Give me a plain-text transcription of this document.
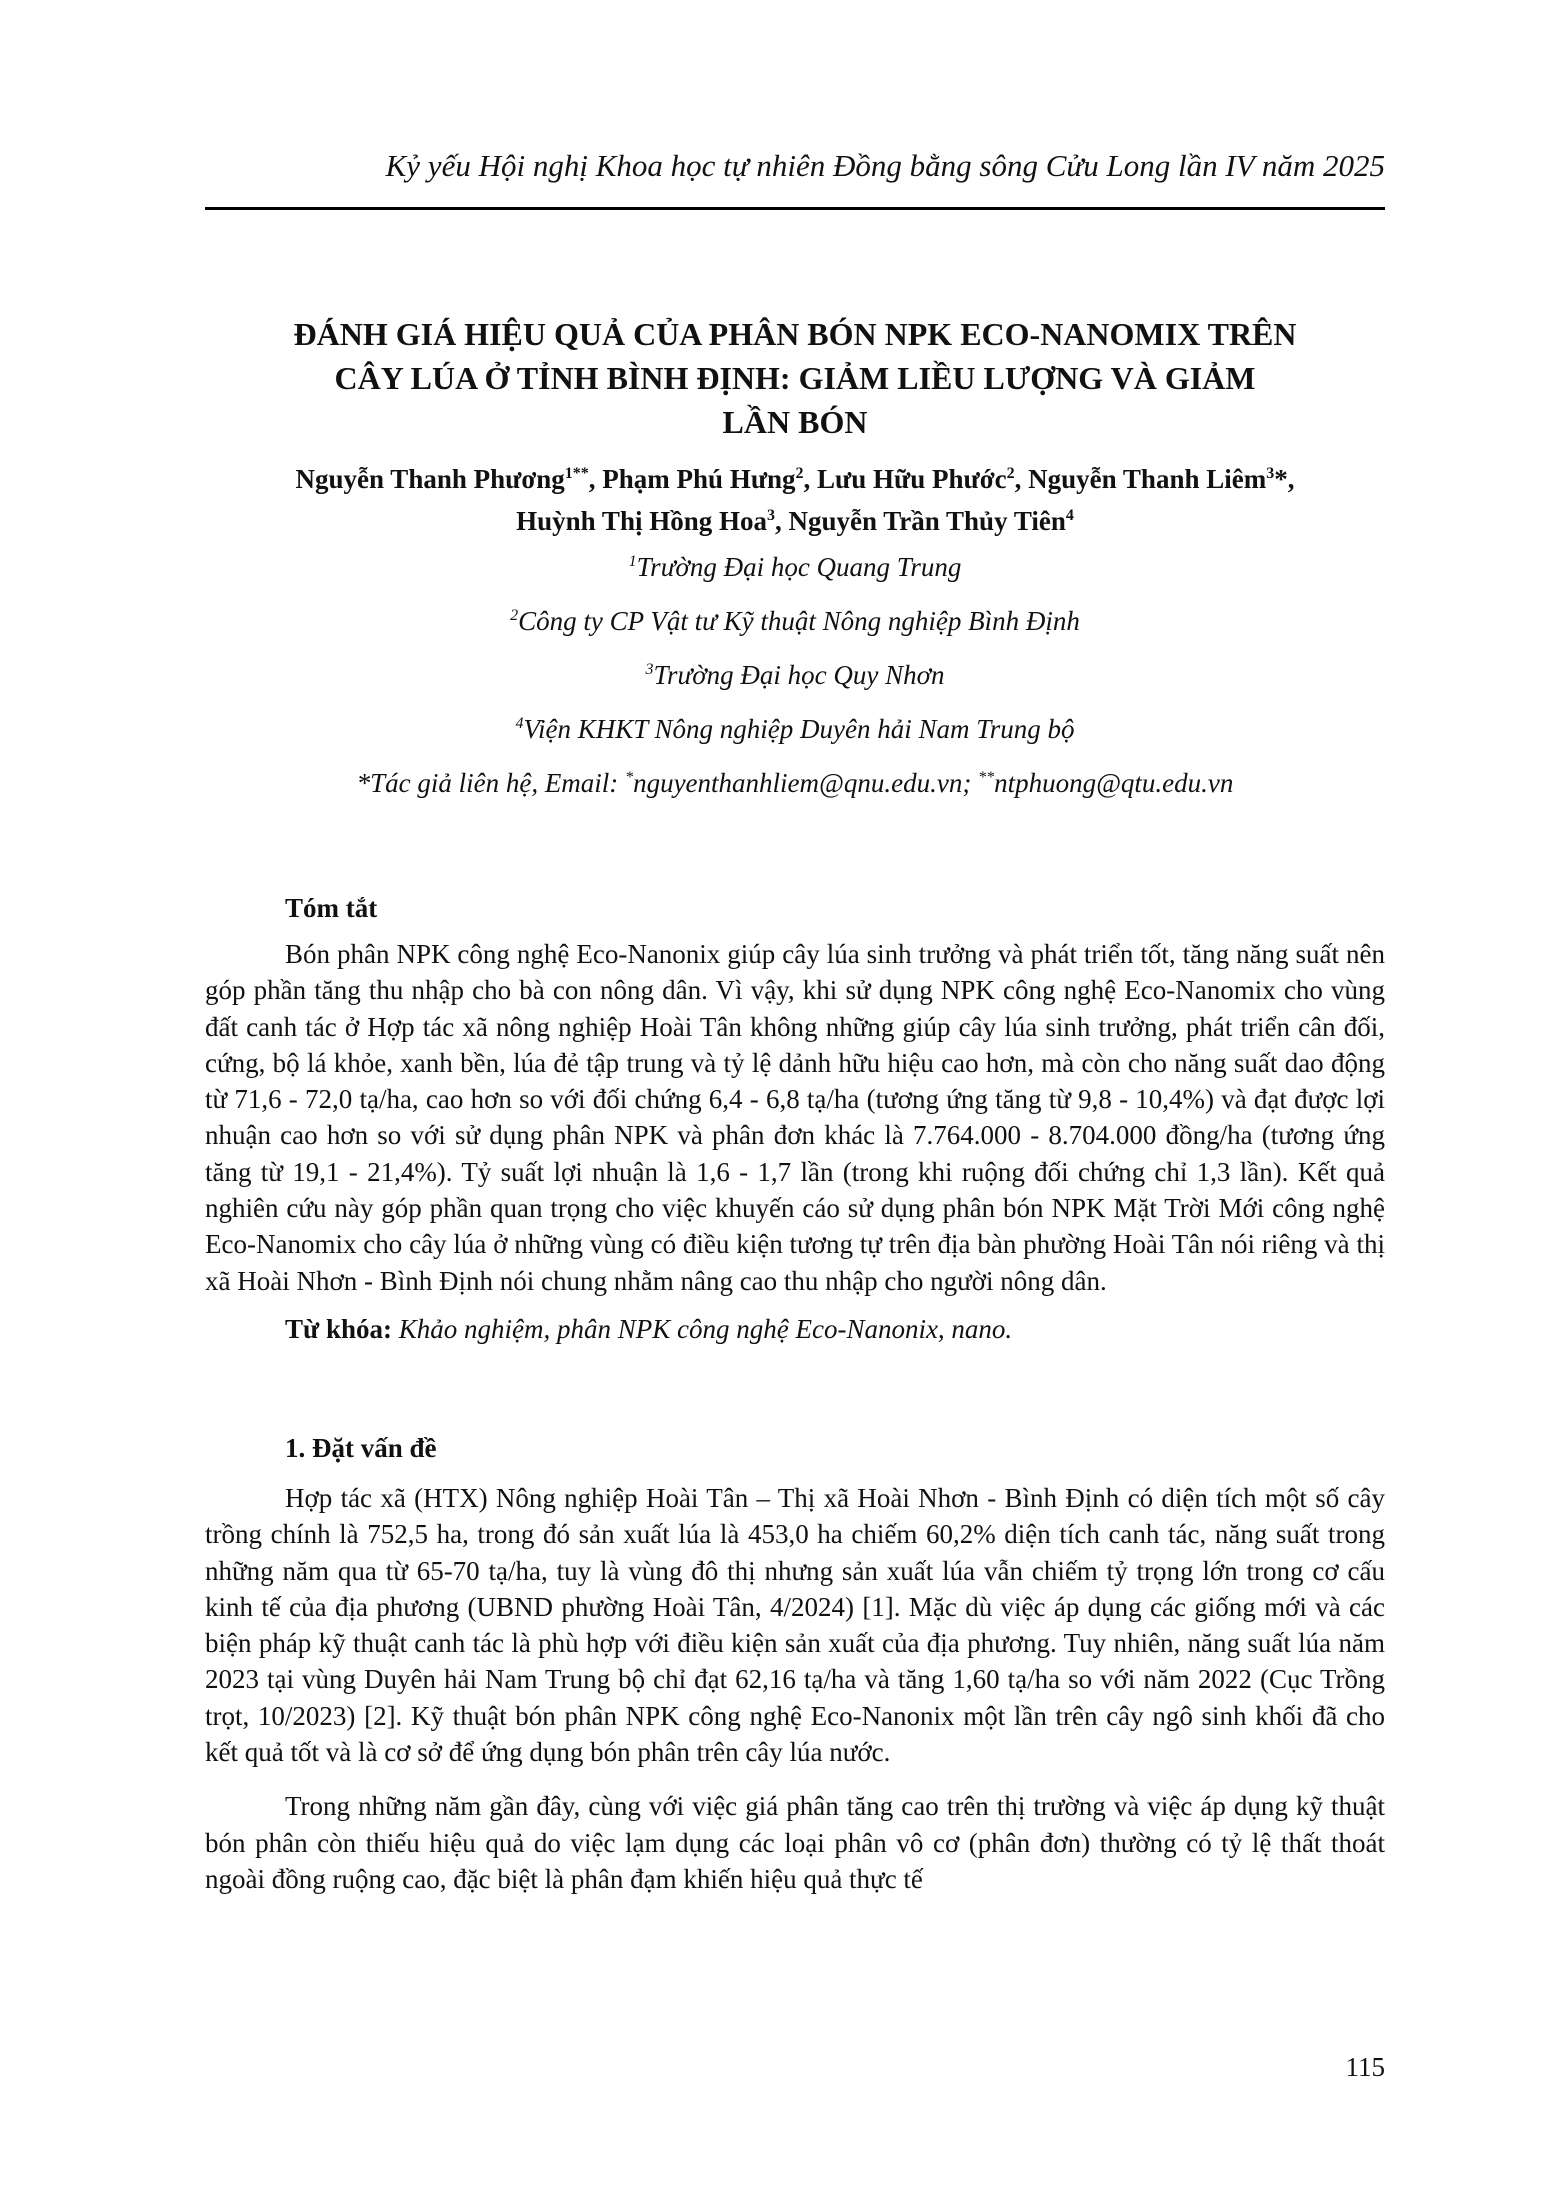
Kỷ yếu Hội nghị Khoa học tự nhiên Đồng bằng sông Cửu Long lần IV năm 2025
ĐÁNH GIÁ HIỆU QUẢ CỦA PHÂN BÓN NPK ECO-NANOMIX TRÊN
CÂY LÚA Ở TỈNH BÌNH ĐỊNH: GIẢM LIỀU LƯỢNG VÀ GIẢM
LẦN BÓN
Nguyễn Thanh Phương$^{1**}$, Phạm Phú Hưng$^2$, Lưu Hữu Phước$^2$, Nguyễn Thanh Liêm$^3$*,
Huỳnh Thị Hồng Hoa$^3$, Nguyễn Trần Thủy Tiên$^4$
$^1$Trường Đại học Quang Trung
$^2$Công ty CP Vật tư Kỹ thuật Nông nghiệp Bình Định
$^3$Trường Đại học Quy Nhơn
$^4$Viện KHKT Nông nghiệp Duyên hải Nam Trung bộ
*Tác giả liên hệ, Email: *nguyenthanhliem@qnu.edu.vn; **ntphuong@qtu.edu.vn
Tóm tắt
Bón phân NPK công nghệ Eco-Nanonix giúp cây lúa sinh trưởng và phát triển tốt, tăng năng suất nên góp phần tăng thu nhập cho bà con nông dân. Vì vậy, khi sử dụng NPK công nghệ Eco-Nanomix cho vùng đất canh tác ở Hợp tác xã nông nghiệp Hoài Tân không những giúp cây lúa sinh trưởng, phát triển cân đối, cứng, bộ lá khỏe, xanh bền, lúa đẻ tập trung và tỷ lệ dảnh hữu hiệu cao hơn, mà còn cho năng suất dao động từ 71,6 - 72,0 tạ/ha, cao hơn so với đối chứng 6,4 - 6,8 tạ/ha (tương ứng tăng từ 9,8 - 10,4%) và đạt được lợi nhuận cao hơn so với sử dụng phân NPK và phân đơn khác là 7.764.000 - 8.704.000 đồng/ha (tương ứng tăng từ 19,1 - 21,4%). Tỷ suất lợi nhuận là 1,6 - 1,7 lần (trong khi ruộng đối chứng chỉ 1,3 lần). Kết quả nghiên cứu này góp phần quan trọng cho việc khuyến cáo sử dụng phân bón NPK Mặt Trời Mới công nghệ Eco-Nanomix cho cây lúa ở những vùng có điều kiện tương tự trên địa bàn phường Hoài Tân nói riêng và thị xã Hoài Nhơn - Bình Định nói chung nhằm nâng cao thu nhập cho người nông dân.
Từ khóa: Khảo nghiệm, phân NPK công nghệ Eco-Nanonix, nano.
1. Đặt vấn đề
Hợp tác xã (HTX) Nông nghiệp Hoài Tân – Thị xã Hoài Nhơn - Bình Định có diện tích một số cây trồng chính là 752,5 ha, trong đó sản xuất lúa là 453,0 ha chiếm 60,2% diện tích canh tác, năng suất trong những năm qua từ 65-70 tạ/ha, tuy là vùng đô thị nhưng sản xuất lúa vẫn chiếm tỷ trọng lớn trong cơ cấu kinh tế của địa phương (UBND phường Hoài Tân, 4/2024) [1]. Mặc dù việc áp dụng các giống mới và các biện pháp kỹ thuật canh tác là phù hợp với điều kiện sản xuất của địa phương. Tuy nhiên, năng suất lúa năm 2023 tại vùng Duyên hải Nam Trung bộ chỉ đạt 62,16 tạ/ha và tăng 1,60 tạ/ha so với năm 2022 (Cục Trồng trọt, 10/2023) [2]. Kỹ thuật bón phân NPK công nghệ Eco-Nanonix một lần trên cây ngô sinh khối đã cho kết quả tốt và là cơ sở để ứng dụng bón phân trên cây lúa nước.
Trong những năm gần đây, cùng với việc giá phân tăng cao trên thị trường và việc áp dụng kỹ thuật bón phân còn thiếu hiệu quả do việc lạm dụng các loại phân vô cơ (phân đơn) thường có tỷ lệ thất thoát ngoài đồng ruộng cao, đặc biệt là phân đạm khiến hiệu quả thực tế
115
